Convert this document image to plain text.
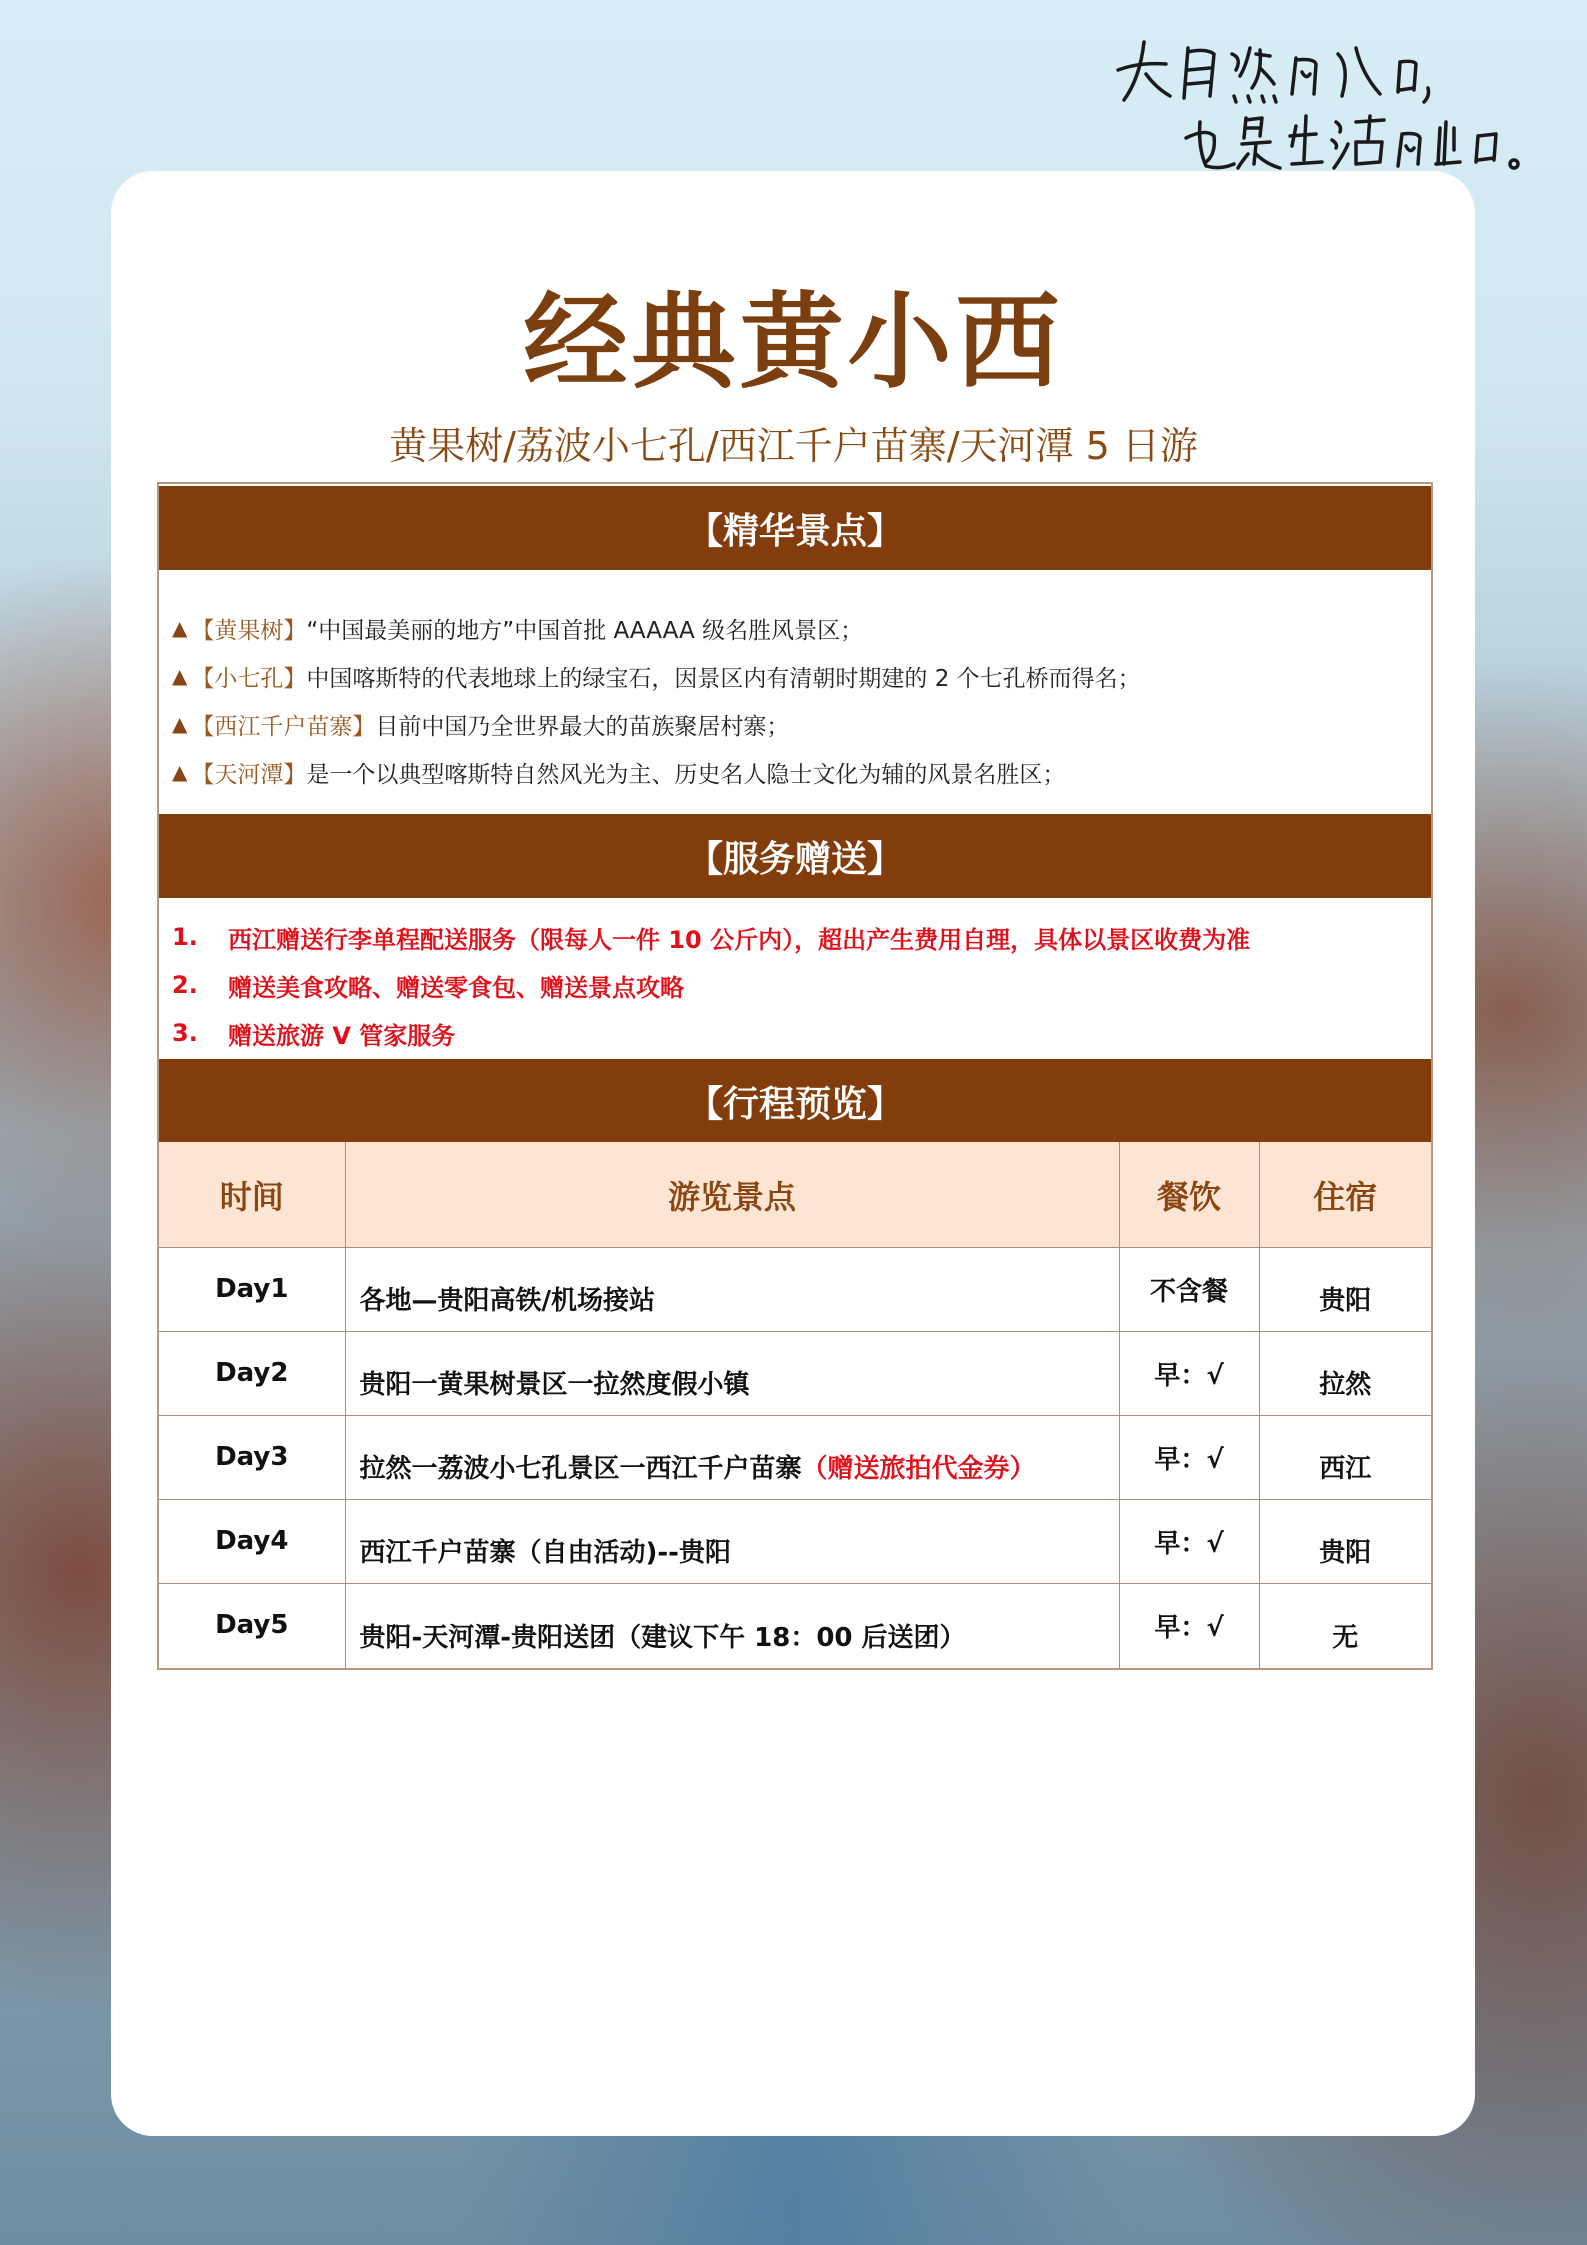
经典黄小西
黄果树/荔波小七孔/西江千户苗寨/天河潭 5 日游
【精华景点】
▲ 【黄果树】 “中国最美丽的地方”中国首批 AAAAA 级名胜风景区；
▲ 【小七孔】 中国喀斯特的代表地球上的绿宝石，因景区内有清朝时期建的 2 个七孔桥而得名；
▲ 【西江千户苗寨】 目前中国乃全世界最大的苗族聚居村寨；
▲ 【天河潭】 是一个以典型喀斯特自然风光为主、历史名人隐士文化为辅的风景名胜区；
【服务赠送】
1.	西江赠送行李单程配送服务（限每人一件 10 公斤内），超出产生费用自理，具体以景区收费为准
2.	赠送美食攻略、赠送零食包、赠送景点攻略
3.	赠送旅游 V 管家服务
【行程预览】
时间	游览景点	餐饮	住宿
Day1	各地—贵阳高铁/机场接站	不含餐	贵阳
Day2	贵阳一黄果树景区一拉然度假小镇	早：√	拉然
Day3	拉然一荔波小七孔景区一西江千户苗寨（赠送旅拍代金券）	早：√	西江
Day4	西江千户苗寨（自由活动)--贵阳	早：√	贵阳
Day5	贵阳-天河潭-贵阳送团（建议下午 18：00 后送团）	早：√	无
